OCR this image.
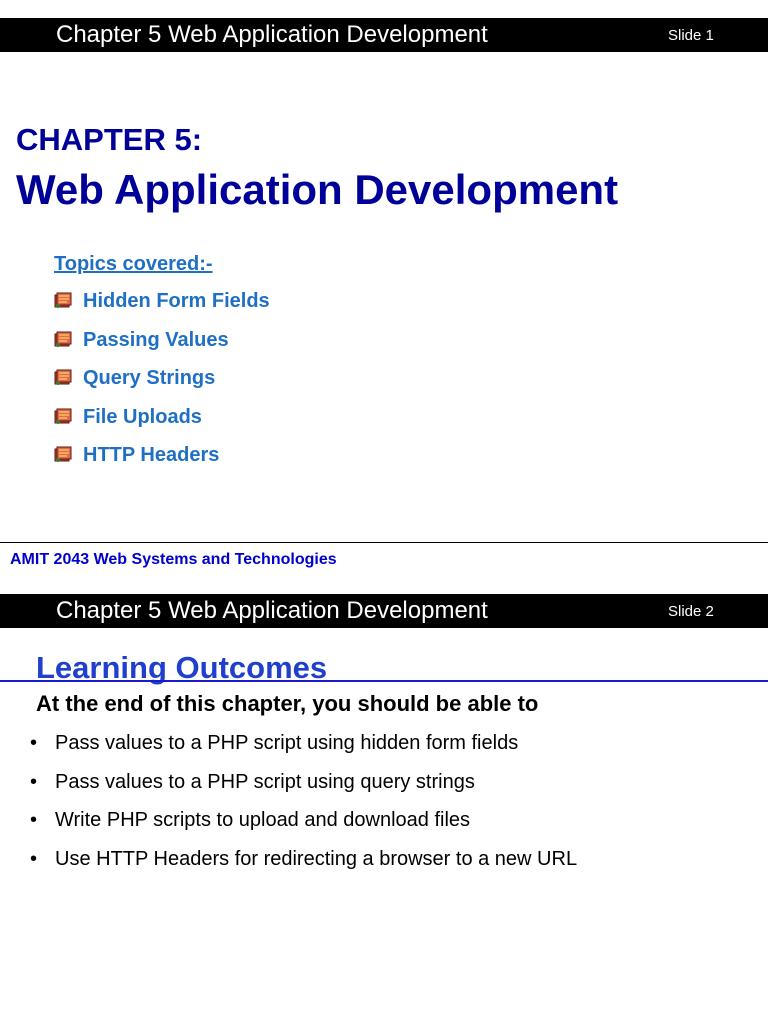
Chapter 5 Web Application Development	Slide 1
CHAPTER 5:
Web Application Development
Topics covered:-
Hidden Form Fields
Passing Values
Query Strings
File Uploads
HTTP Headers
AMIT 2043 Web Systems and Technologies
Chapter 5 Web Application Development	Slide 2
Learning Outcomes
At the end of this chapter, you should be able to
• Pass values to a PHP script using hidden form fields
• Pass values to a PHP script using query strings
• Write PHP scripts to upload and download files
• Use HTTP Headers for redirecting a browser to a new URL
